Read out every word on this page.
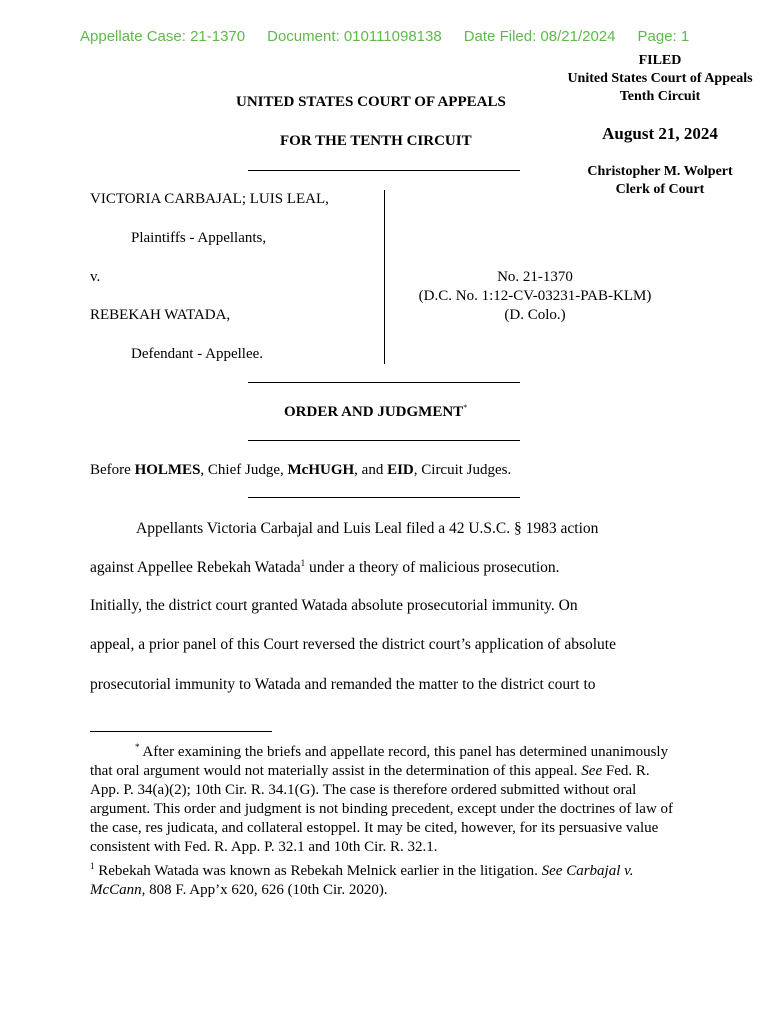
Appellate Case: 21-1370 Document: 010111098138 Date Filed: 08/21/2024 Page: 1
FILED
United States Court of Appeals
Tenth Circuit
August 21, 2024
Christopher M. Wolpert
Clerk of Court
UNITED STATES COURT OF APPEALS
FOR THE TENTH CIRCUIT
VICTORIA CARBAJAL; LUIS LEAL,
Plaintiffs - Appellants,
v.
REBEKAH WATADA,
Defendant - Appellee.
No. 21-1370
(D.C. No. 1:12-CV-03231-PAB-KLM)
(D. Colo.)
ORDER AND JUDGMENT*
Before HOLMES, Chief Judge, McHUGH, and EID, Circuit Judges.
Appellants Victoria Carbajal and Luis Leal filed a 42 U.S.C. § 1983 action
against Appellee Rebekah Watada$^1$ under a theory of malicious prosecution.
Initially, the district court granted Watada absolute prosecutorial immunity. On
appeal, a prior panel of this Court reversed the district court’s application of absolute
prosecutorial immunity to Watada and remanded the matter to the district court to

* After examining the briefs and appellate record, this panel has determined unanimously that oral argument would not materially assist in the determination of this appeal. See Fed. R. App. P. 34(a)(2); 10th Cir. R. 34.1(G). The case is therefore ordered submitted without oral argument. This order and judgment is not binding precedent, except under the doctrines of law of the case, res judicata, and collateral estoppel. It may be cited, however, for its persuasive value consistent with Fed. R. App. P. 32.1 and 10th Cir. R. 32.1.

$^1$ Rebekah Watada was known as Rebekah Melnick earlier in the litigation. See Carbajal v. McCann, 808 F. App’x 620, 626 (10th Cir. 2020).
